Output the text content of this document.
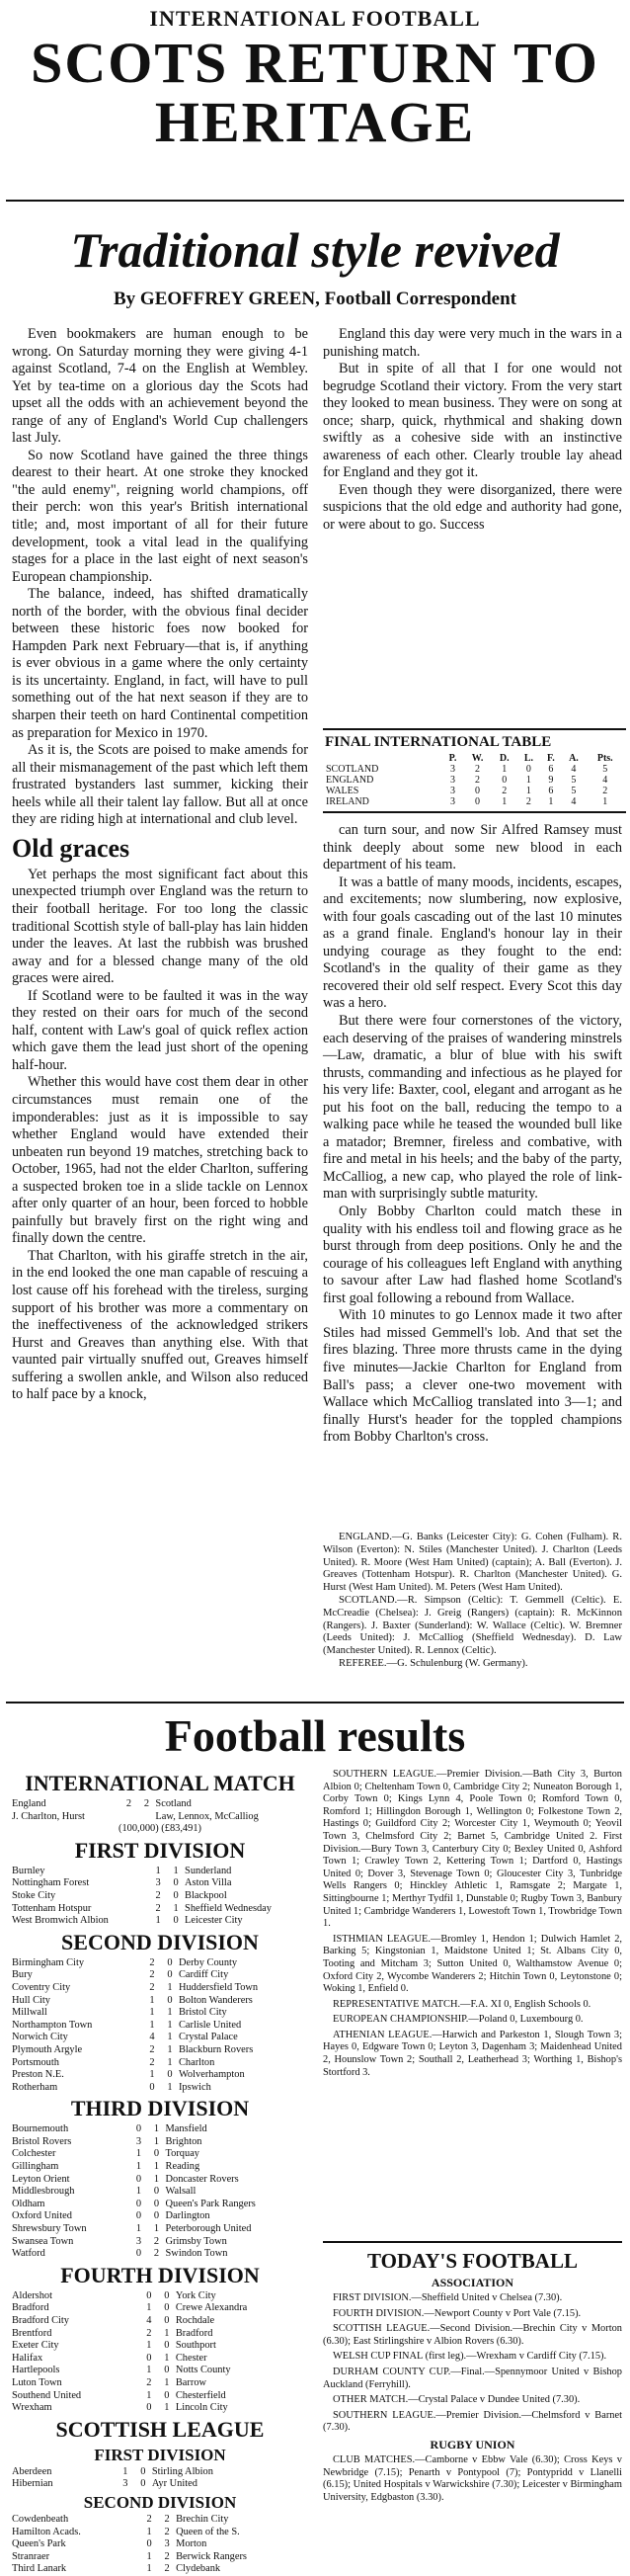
INTERNATIONAL FOOTBALL
SCOTS RETURN TO
HERITAGE
Traditional style revived
By GEOFFREY GREEN, Football Correspondent

Even bookmakers are human enough to be wrong. On Saturday morning they were giving 4-1 against Scotland, 7-4 on the English at Wembley. Yet by tea-time on a glorious day the Scots had upset all the odds with an achievement beyond the range of any of England's World Cup challengers last July.

So now Scotland have gained the three things dearest to their heart. At one stroke they knocked "the auld enemy", reigning world champions, off their perch: won this year's British international title; and, most important of all for their future development, took a vital lead in the qualifying stages for a place in the last eight of next season's European championship.

The balance, indeed, has shifted dramatically north of the border, with the obvious final decider between these historic foes now booked for Hampden Park next February—that is, if anything is ever obvious in a game where the only certainty is its uncertainty. England, in fact, will have to pull something out of the hat next season if they are to sharpen their teeth on hard Continental competition as preparation for Mexico in 1970.

As it is, the Scots are poised to make amends for all their mismanagement of the past which left them frustrated bystanders last summer, kicking their heels while all their talent lay fallow. But all at once they are riding high at international and club level.

Old graces

Yet perhaps the most significant fact about this unexpected triumph over England was the return to their football heritage. For too long the classic traditional Scottish style of ball-play has lain hidden under the leaves. At last the rubbish was brushed away and for a blessed change many of the old graces were aired.

If Scotland were to be faulted it was in the way they rested on their oars for much of the second half, content with Law's goal of quick reflex action which gave them the lead just short of the opening half-hour.

Whether this would have cost them dear in other circumstances must remain one of the imponderables: just as it is impossible to say whether England would have extended their unbeaten run beyond 19 matches, stretching back to October, 1965, had not the elder Charlton, suffering a suspected broken toe in a slide tackle on Lennox after only quarter of an hour, been forced to hobble painfully but bravely first on the right wing and finally down the centre.

That Charlton, with his giraffe stretch in the air, in the end looked the one man capable of rescuing a lost cause off his forehead with the tireless, surging support of his brother was more a commentary on the ineffectiveness of the acknowledged strikers Hurst and Greaves than anything else. With that vaunted pair virtually snuffed out, Greaves himself suffering a swollen ankle, and Wilson also reduced to half pace by a knock,

England this day were very much in the wars in a punishing match.

But in spite of all that I for one would not begrudge Scotland their victory. From the very start they looked to mean business. They were on song at once; sharp, quick, rhythmical and shaking down swiftly as a cohesive side with an instinctive awareness of each other. Clearly trouble lay ahead for England and they got it.

Even though they were disorganized, there were suspicions that the old edge and authority had gone, or were about to go. Success

FINAL INTERNATIONAL TABLE
	P.	W.	D.	L.	F.	A.	Pts.
SCOTLAND	3	2	1	0	6	4	5
ENGLAND	3	2	0	1	9	5	4
WALES	3	0	2	1	6	5	2
IRELAND	3	0	1	2	1	4	1

can turn sour, and now Sir Alfred Ramsey must think deeply about some new blood in each department of his team.

It was a battle of many moods, incidents, escapes, and excitements; now slumbering, now explosive, with four goals cascading out of the last 10 minutes as a grand finale. England's honour lay in their undying courage as they fought to the end: Scotland's in the quality of their game as they recovered their old self respect. Every Scot this day was a hero.

But there were four cornerstones of the victory, each deserving of the praises of wandering minstrels—Law, dramatic, a blur of blue with his swift thrusts, commanding and infectious as he played for his very life: Baxter, cool, elegant and arrogant as he put his foot on the ball, reducing the tempo to a walking pace while he teased the wounded bull like a matador; Bremner, fireless and combative, with fire and metal in his heels; and the baby of the party, McCalliog, a new cap, who played the role of link-man with surprisingly subtle maturity.

Only Bobby Charlton could match these in quality with his endless toil and flowing grace as he burst through from deep positions. Only he and the courage of his colleagues left England with anything to savour after Law had flashed home Scotland's first goal following a rebound from Wallace.

With 10 minutes to go Lennox made it two after Stiles had missed Gemmell's lob. And that set the fires blazing. Three more thrusts came in the dying five minutes—Jackie Charlton for England from Ball's pass; a clever one-two movement with Wallace which McCalliog translated into 3—1; and finally Hurst's header for the toppled champions from Bobby Charlton's cross.

ENGLAND.—G. Banks (Leicester City): G. Cohen (Fulham). R. Wilson (Everton): N. Stiles (Manchester United). J. Charlton (Leeds United). R. Moore (West Ham United) (captain); A. Ball (Everton). J. Greaves (Tottenham Hotspur). R. Charlton (Manchester United). G. Hurst (West Ham United). M. Peters (West Ham United).

SCOTLAND.—R. Simpson (Celtic): T. Gemmell (Celtic). E. McCreadie (Chelsea): J. Greig (Rangers) (captain): R. McKinnon (Rangers). J. Baxter (Sunderland): W. Wallace (Celtic). W. Bremner (Leeds United): J. McCalliog (Sheffield Wednesday). D. Law (Manchester United). R. Lennox (Celtic).

REFEREE.—G. Schulenburg (W. Germany).

Football results
INTERNATIONAL MATCH
England	2	2	Scotland
J. Charlton, Hurst			Law, Lennox, McCalliog
(100,000) (£83,491)
FIRST DIVISION
Burnley	1	1	Sunderland
Nottingham Forest	3	0	Aston Villa
Stoke City	2	0	Blackpool
Tottenham Hotspur	2	1	Sheffield Wednesday
West Bromwich Albion	1	0	Leicester City
SECOND DIVISION
Birmingham City	2	0	Derby County
Bury	2	0	Cardiff City
Coventry City	2	1	Huddersfield Town
Hull City	1	0	Bolton Wanderers
Millwall	1	1	Bristol City
Northampton Town	1	1	Carlisle United
Norwich City	4	1	Crystal Palace
Plymouth Argyle	2	1	Blackburn Rovers
Portsmouth	2	1	Charlton
Preston N.E.	1	0	Wolverhampton
Rotherham	0	1	Ipswich
THIRD DIVISION
Bournemouth	0	1	Mansfield
Bristol Rovers	3	1	Brighton
Colchester	1	0	Torquay
Gillingham	1	1	Reading
Leyton Orient	0	1	Doncaster Rovers
Middlesbrough	1	0	Walsall
Oldham	0	0	Queen's Park Rangers
Oxford United	0	0	Darlington
Shrewsbury Town	1	1	Peterborough United
Swansea Town	3	2	Grimsby Town
Watford	0	2	Swindon Town
FOURTH DIVISION
Aldershot	0	0	York City
Bradford	1	0	Crewe Alexandra
Bradford City	4	0	Rochdale
Brentford	2	1	Bradford
Exeter City	1	0	Southport
Halifax	0	1	Chester
Hartlepools	1	0	Notts County
Luton Town	2	1	Barrow
Southend United	1	0	Chesterfield
Wrexham	0	1	Lincoln City
SCOTTISH LEAGUE
FIRST DIVISION
Aberdeen	1	0	Stirling Albion
Hibernian	3	0	Ayr United
SECOND DIVISION
Cowdenbeath	2	2	Brechin City
Hamilton Acads.	1	2	Queen of the S.
Queen's Park	0	3	Morton
Stranraer	1	2	Berwick Rangers
Third Lanark	1	2	Clydebank

SOUTHERN LEAGUE.—Premier Division.—Bath City 3, Burton Albion 0; Cheltenham Town 0, Cambridge City 2; Nuneaton Borough 1, Corby Town 0; Kings Lynn 4, Poole Town 0; Romford Town 0, Romford 1; Hillingdon Borough 1, Wellington 0; Folkestone Town 2, Hastings 0; Guildford City 2; Worcester City 1, Weymouth 0; Yeovil Town 3, Chelmsford City 2; Barnet 5, Cambridge United 2. First Division.—Bury Town 3, Canterbury City 0; Bexley United 0, Ashford Town 1; Crawley Town 2, Kettering Town 1; Dartford 0, Hastings United 0; Dover 3, Stevenage Town 0; Gloucester City 3, Tunbridge Wells Rangers 0; Hinckley Athletic 1, Ramsgate 2; Margate 1, Sittingbourne 1; Merthyr Tydfil 1, Dunstable 0; Rugby Town 3, Banbury United 1; Cambridge Wanderers 1, Lowestoft Town 1, Trowbridge Town 1.

ISTHMIAN LEAGUE.—Bromley 1, Hendon 1; Dulwich Hamlet 2, Barking 5; Kingstonian 1, Maidstone United 1; St. Albans City 0, Tooting and Mitcham 3; Sutton United 0, Walthamstow Avenue 0; Oxford City 2, Wycombe Wanderers 2; Hitchin Town 0, Leytonstone 0; Woking 1, Enfield 0.

REPRESENTATIVE MATCH.—F.A. XI 0, English Schools 0.

EUROPEAN CHAMPIONSHIP.—Poland 0, Luxembourg 0.

ATHENIAN LEAGUE.—Harwich and Parkeston 1, Slough Town 3; Hayes 0, Edgware Town 0; Leyton 3, Dagenham 3; Maidenhead United 2, Hounslow Town 2; Southall 2, Leatherhead 3; Worthing 1, Bishop's Stortford 3.

TODAY'S FOOTBALL
ASSOCIATION

FIRST DIVISION.—Sheffield United v Chelsea (7.30).

FOURTH DIVISION.—Newport County v Port Vale (7.15).

SCOTTISH LEAGUE.—Second Division.—Brechin City v Morton (6.30); East Stirlingshire v Albion Rovers (6.30).

WELSH CUP FINAL (first leg).—Wrexham v Cardiff City (7.15).

DURHAM COUNTY CUP.—Final.—Spennymoor United v Bishop Auckland (Ferryhill).

OTHER MATCH.—Crystal Palace v Dundee United (7.30).

SOUTHERN LEAGUE.—Premier Division.—Chelmsford v Barnet (7.30).

RUGBY UNION

CLUB MATCHES.—Camborne v Ebbw Vale (6.30); Cross Keys v Newbridge (7.15); Penarth v Pontypool (7); Pontypridd v Llanelli (6.15); United Hospitals v Warwickshire (7.30); Leicester v Birmingham University, Edgbaston (3.30).
